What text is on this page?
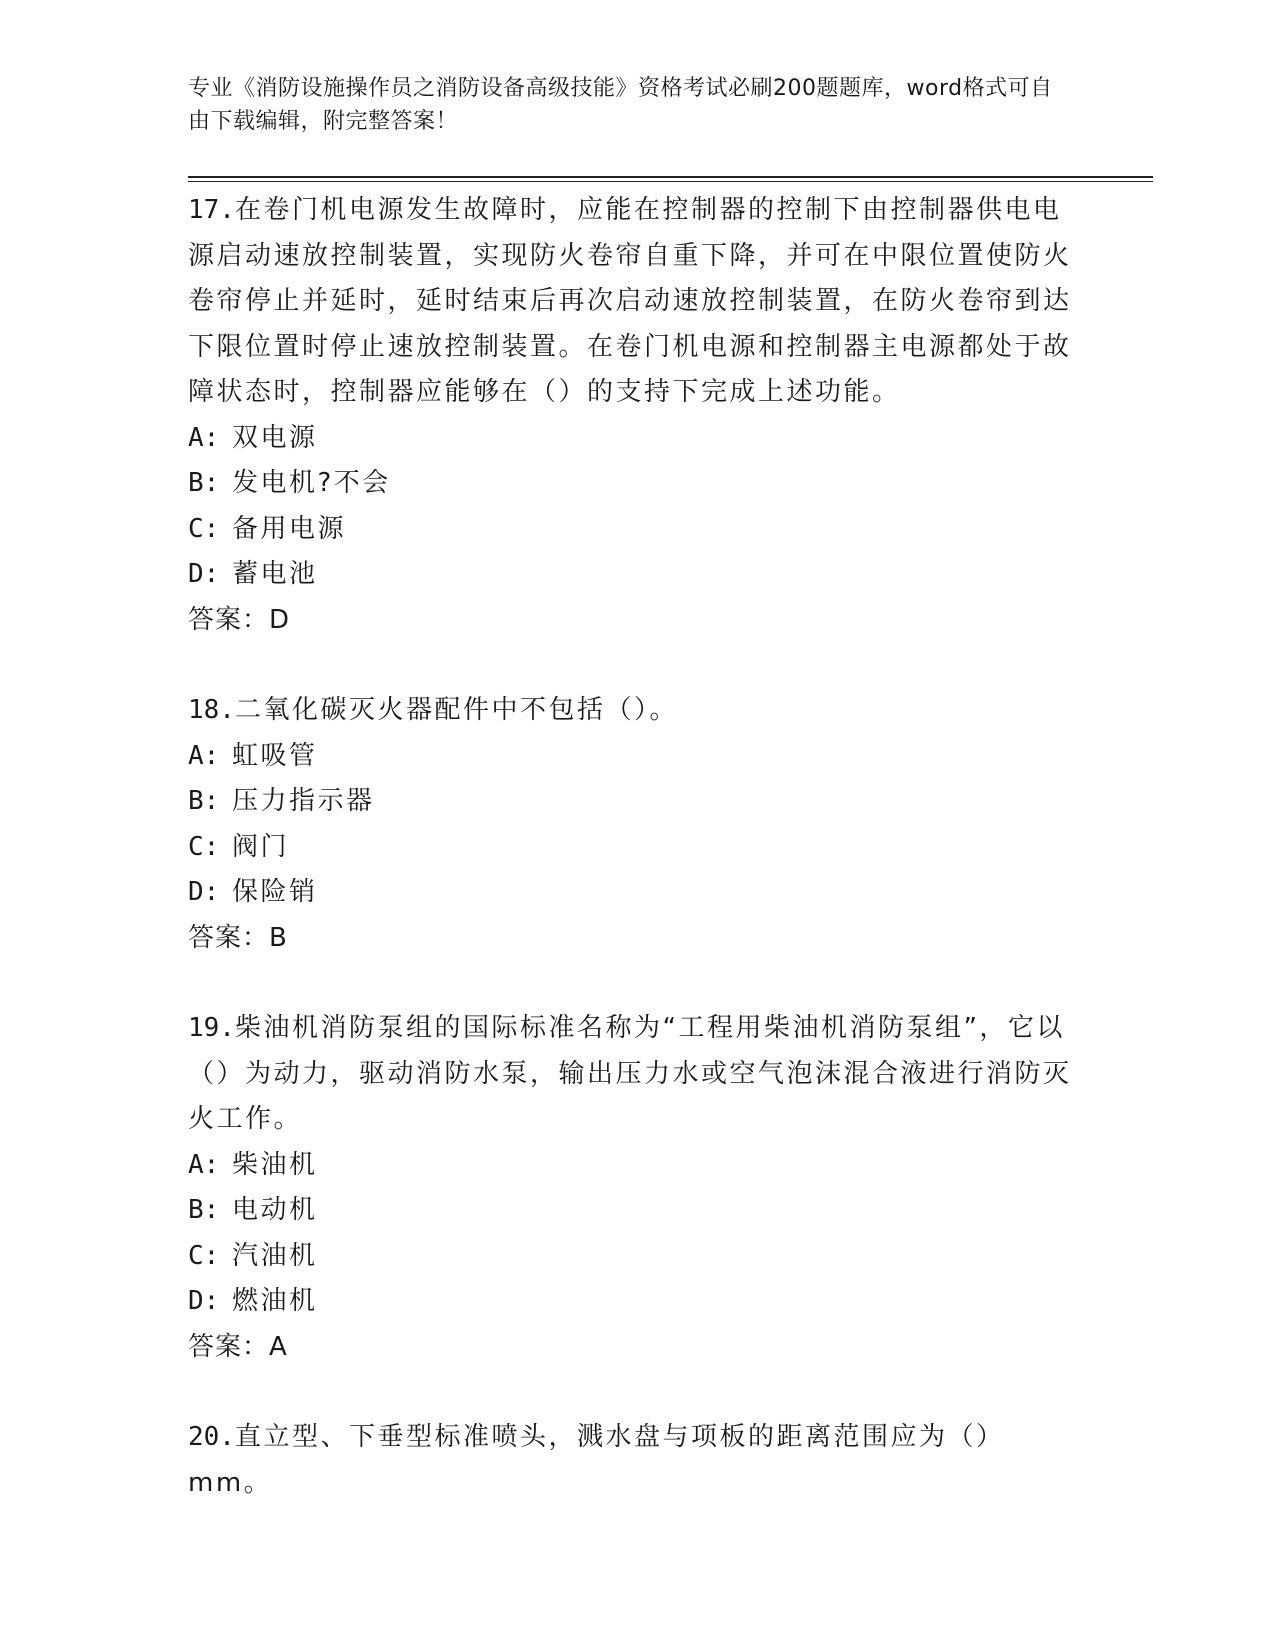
专业《消防设施操作员之消防设备高级技能》资格考试必刷200题题库，word格式可自由下载编辑，附完整答案！

17.在卷门机电源发生故障时，应能在控制器的控制下由控制器供电电源启动速放控制装置，实现防火卷帘自重下降，并可在中限位置使防火卷帘停止并延时，延时结束后再次启动速放控制装置，在防火卷帘到达下限位置时停止速放控制装置。在卷门机电源和控制器主电源都处于故障状态时，控制器应能够在（）的支持下完成上述功能。

A: 双电源

B: 发电机?不会

C: 备用电源

D: 蓄电池

答案：D

18.二氧化碳灭火器配件中不包括（）。

A: 虹吸管

B: 压力指示器

C: 阀门

D: 保险销

答案：B

19.柴油机消防泵组的国际标准名称为“工程用柴油机消防泵组”，它以（）为动力，驱动消防水泵，输出压力水或空气泡沫混合液进行消防灭火工作。

A: 柴油机

B: 电动机

C: 汽油机

D: 燃油机

答案：A

20.直立型、下垂型标准喷头，溅水盘与项板的距离范围应为（）mm。
